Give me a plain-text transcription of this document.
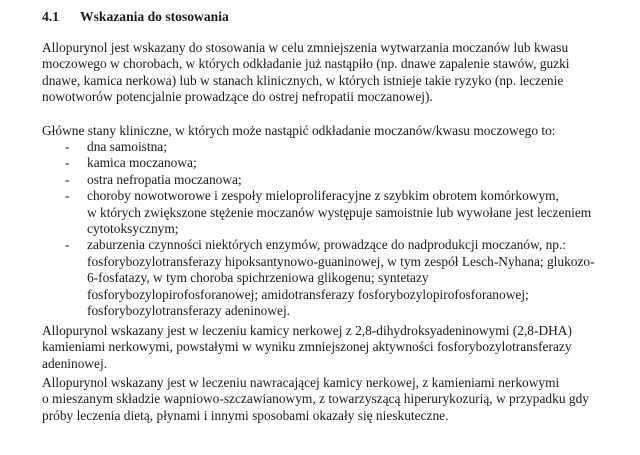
4.1 Wskazania do stosowania
Allopurynol jest wskazany do stosowania w celu zmniejszenia wytwarzania moczanów lub kwasu
moczowego w chorobach, w których odkładanie już nastąpiło (np. dnawe zapalenie stawów, guzki
dnawe, kamica nerkowa) lub w stanach klinicznych, w których istnieje takie ryzyko (np. leczenie
nowotworów potencjalnie prowadzące do ostrej nefropatii moczanowej).
Główne stany kliniczne, w których może nastąpić odkładanie moczanów/kwasu moczowego to:
- dna samoistna;
- kamica moczanowa;
- ostra nefropatia moczanowa;
- choroby nowotworowe i zespoły mieloproliferacyjne z szybkim obrotem komórkowym,
w których zwiększone stężenie moczanów występuje samoistnie lub wywołane jest leczeniem
cytotoksycznym;
- zaburzenia czynności niektórych enzymów, prowadzące do nadprodukcji moczanów, np.:
fosforybozylotransferazy hipoksantynowo-guaninowej, w tym zespół Lesch-Nyhana; glukozo-
6-fosfatazy, w tym choroba spichrzeniowa glikogenu; syntetazy
fosforybozylopirofosforanowej; amidotransferazy fosforybozylopirofosforanowej;
fosforybozylotransferazy adeninowej.
Allopurynol wskazany jest w leczeniu kamicy nerkowej z 2,8-dihydroksyadeninowymi (2,8-DHA)
kamieniami nerkowymi, powstałymi w wyniku zmniejszonej aktywności fosforybozylotransferazy
adeninowej.
Allopurynol wskazany jest w leczeniu nawracającej kamicy nerkowej, z kamieniami nerkowymi
o mieszanym składzie wapniowo-szczawianowym, z towarzyszącą hiperurykozurią, w przypadku gdy
próby leczenia dietą, płynami i innymi sposobami okazały się nieskuteczne.
